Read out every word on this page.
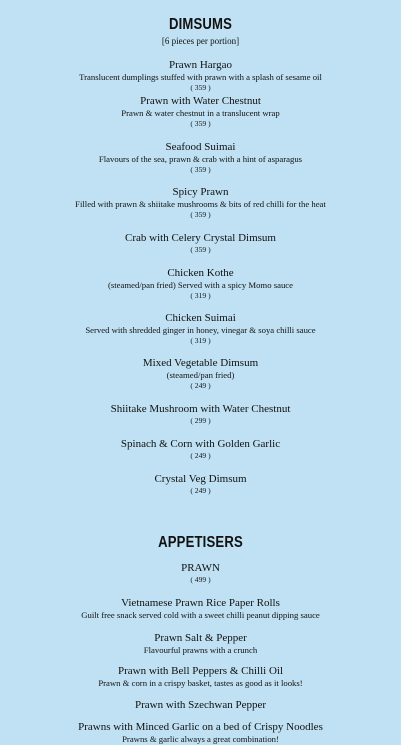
DIMSUMS
[6 pieces per portion]
Prawn Hargao
Translucent dumplings stuffed with prawn with a splash of sesame oil
( 359 )
Prawn with Water Chestnut
Prawn & water chestnut in a translucent wrap
( 359 )
Seafood Suimai
Flavours of the sea, prawn & crab with a hint of asparagus
( 359 )
Spicy Prawn
Filled with prawn & shiitake mushrooms & bits of red chilli for the heat
( 359 )
Crab with Celery Crystal Dimsum
( 359 )
Chicken Kothe
(steamed/pan fried) Served with a spicy Momo sauce
( 319 )
Chicken Suimai
Served with shredded ginger in honey, vinegar & soya chilli sauce
( 319 )
Mixed Vegetable Dimsum
(steamed/pan fried)
( 249 )
Shiitake Mushroom with Water Chestnut
( 299 )
Spinach & Corn with Golden Garlic
( 249 )
Crystal Veg Dimsum
( 249 )
APPETISERS
PRAWN
( 499 )
Vietnamese Prawn Rice Paper Rolls
Guilt free snack served cold with a sweet chilli peanut dipping sauce
Prawn Salt & Pepper
Flavourful prawns with a crunch
Prawn with Bell Peppers & Chilli Oil
Prawn & corn in a crispy basket, tastes as good as it looks!
Prawn with Szechwan Pepper
Prawns with Minced Garlic on a bed of Crispy Noodles
Prawns & garlic always a great combination!
